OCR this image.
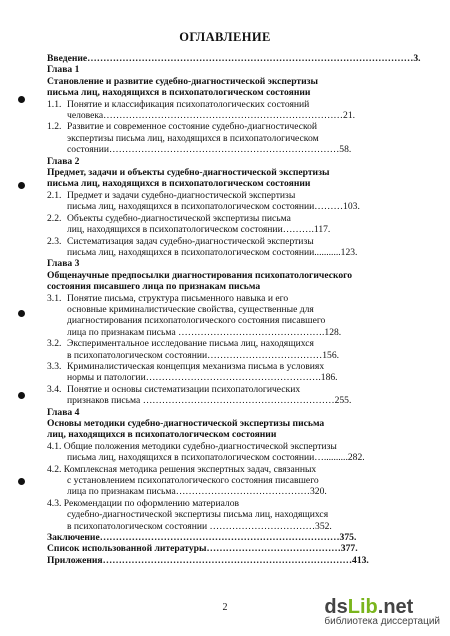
ОГЛАВЛЕНИЕ
Введение…………………………………………………………………………………………3.
Глава 1
Становление и развитие судебно-диагностической экспертизы
письма лиц, находящихся в психопатологическом состоянии
1.1. Понятие и классификация психопатологических состояний
человека…………………………………………………………………21.
1.2. Развитие и современное состояние судебно-диагностической
экспертизы письма лиц, находящихся в психопатологическом
состоянии………………………………………………………………58.
Глава 2
Предмет, задачи и объекты судебно-диагностической экспертизы
письма лиц, находящихся в психопатологическом состоянии
2.1. Предмет и задачи судебно-диагностической экспертизы
письма лиц, находящихся в психопатологическом состоянии………103.
2.2. Объекты судебно-диагностической экспертизы письма
лиц, находящихся в психопатологическом состоянии……….117.
2.3. Систематизация задач судебно-диагностической экспертизы
письма лиц, находящихся в психопатологическом состоянии...........123.
Глава 3
Общенаучные предпосылки диагностирования психопатологического
состояния писавшего лица по признакам письма
3.1. Понятие письма, структура письменного навыка и его
основные криминалистические свойства, существенные для
диагностирования психопатологического состояния писавшего
лица по признакам письма ……………………………………….128.
3.2. Экспериментальное исследование письма лиц, находящихся
в психопатологическом состоянии………………………………156.
3.3. Криминалистическая концепция механизма письма в условиях
нормы и патологии……………………………………………….186.
3.4. Понятие и основы систематизации психопатологических
признаков письма ……………………………………………………255.
Глава 4
Основы методики судебно-диагностической экспертизы письма
лиц, находящихся в психопатологическом состоянии
4.1. Общие положения методики судебно-диагностической экспертизы
письма лиц, находящихся в психопатологическом состоянии…..........282.
4.2. Комплексная методика решения экспертных задач, связанных
с установлением психопатологического состояния писавшего
лица по признакам письма……………………………………320.
4.3. Рекомендации по оформлению материалов
судебно-диагностической экспертизы письма лиц, находящихся
в психопатологическом состоянии ……………………………352.
Заключение…………………………………………………………………375.
Список использованной литературы……………………………………377.
Приложения……………………………………………………………………413.
2	dsLib.net
библиотека диссертаций
